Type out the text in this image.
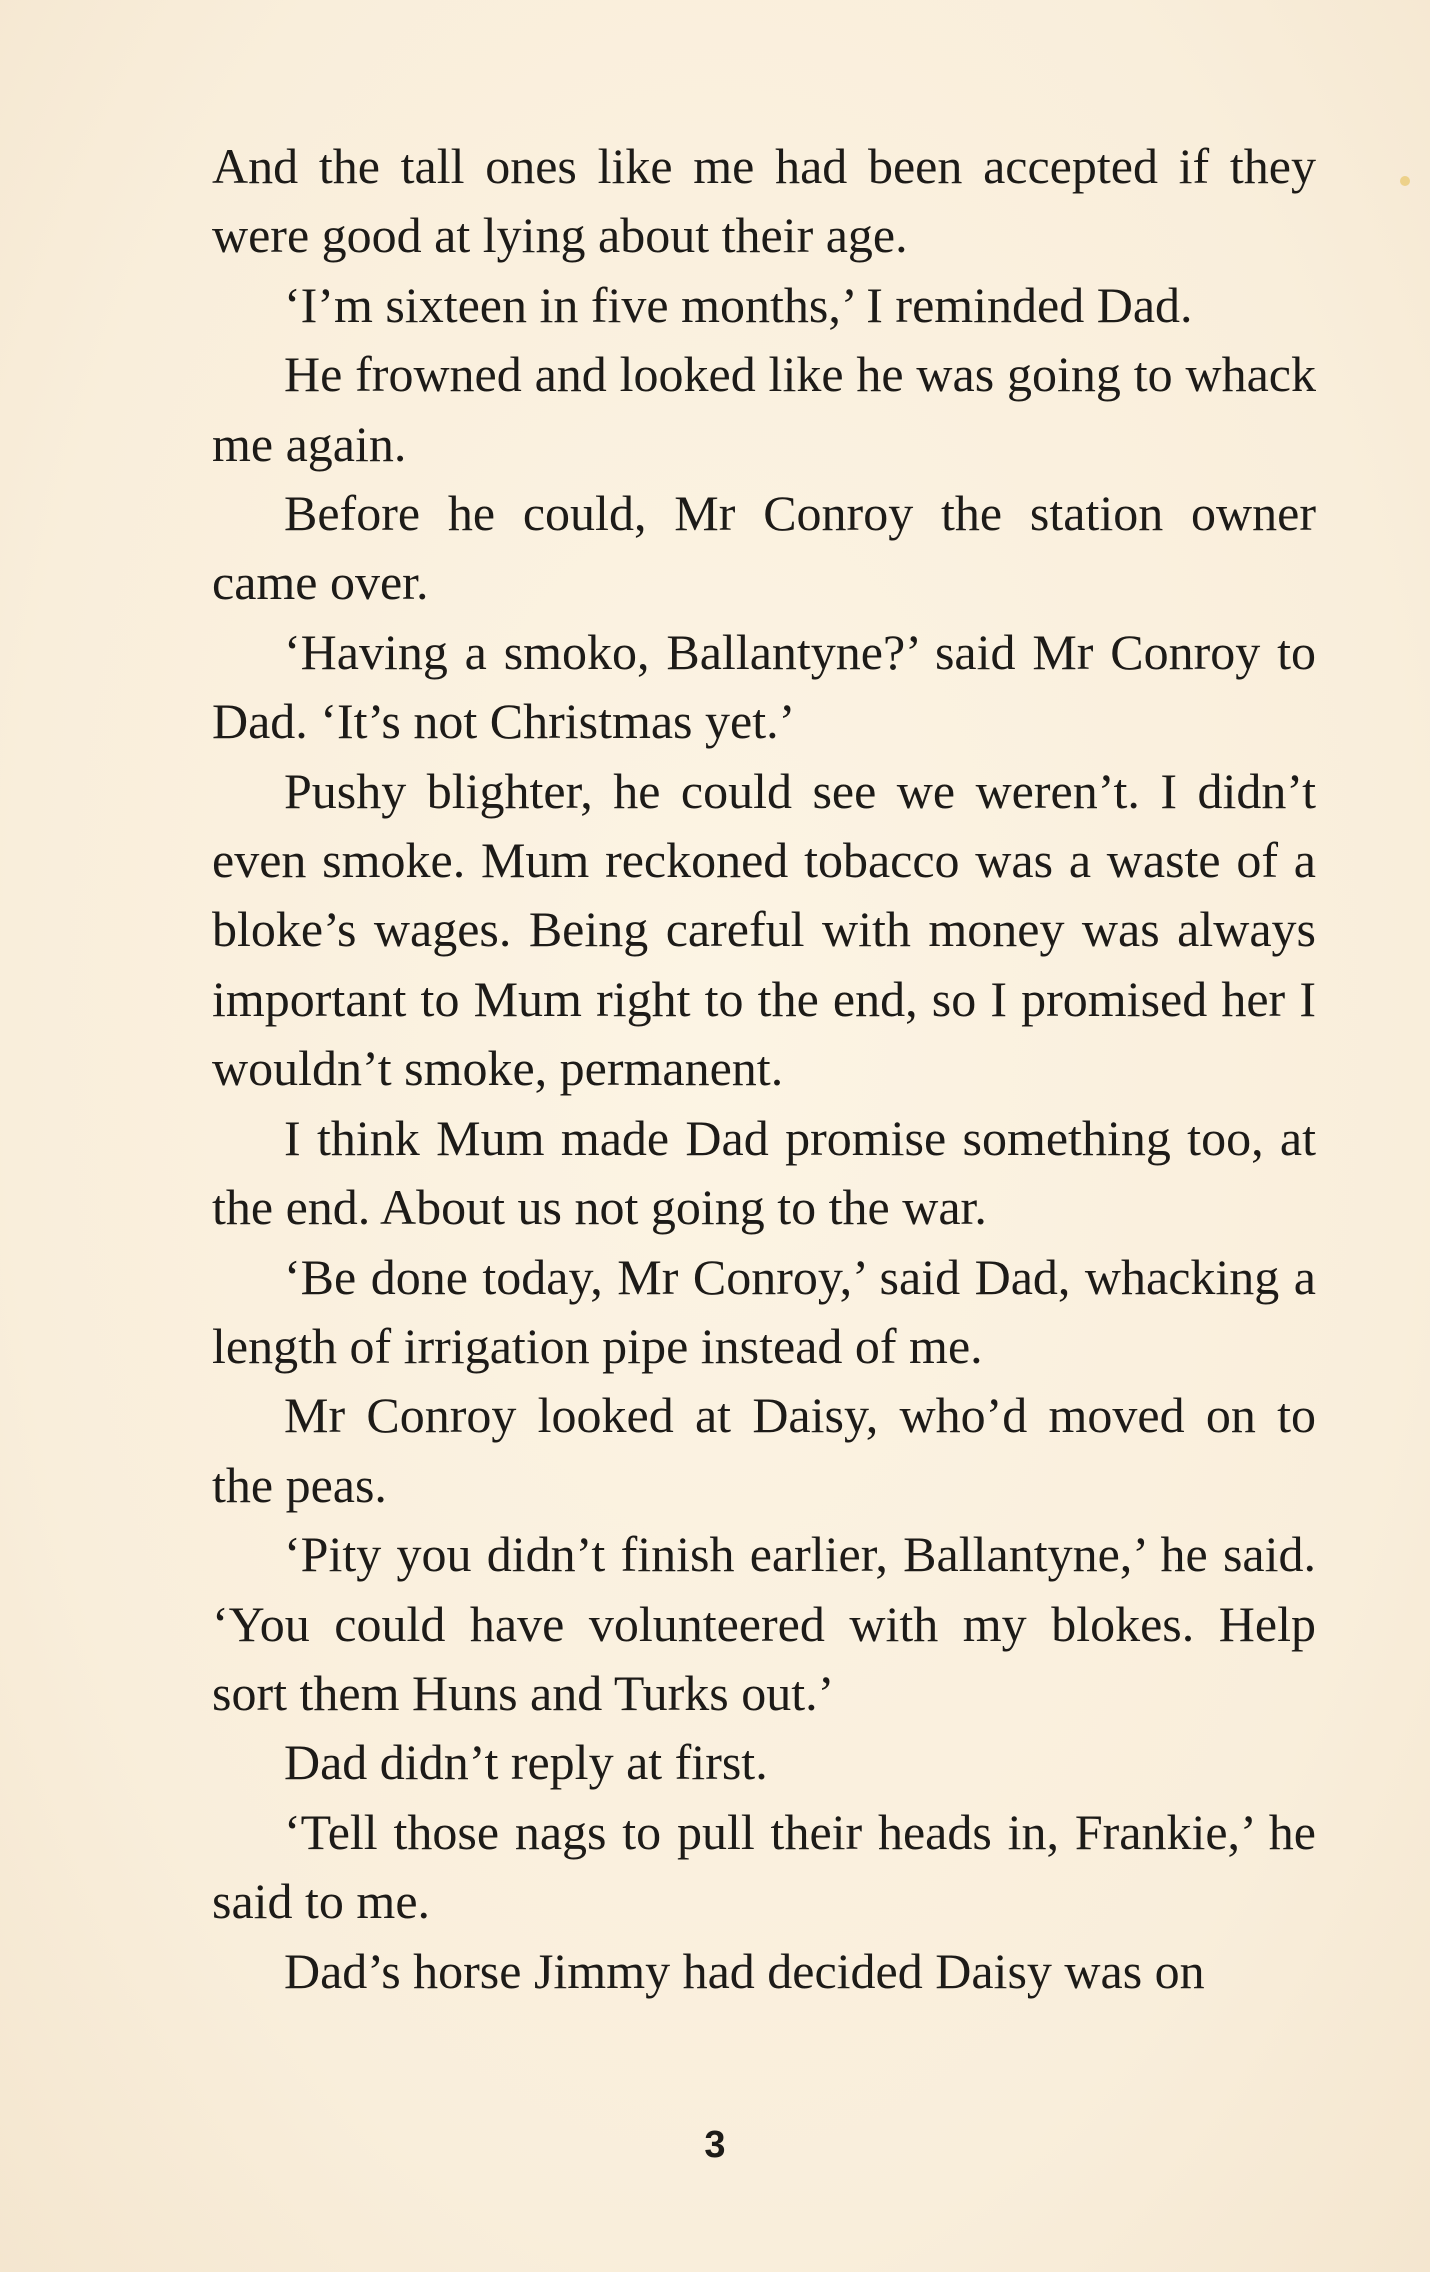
And the tall ones like me had been accepted if they were good at lying about their age.

‘I’m sixteen in five months,’ I reminded Dad.

He frowned and looked like he was going to whack me again.

Before he could, Mr Conroy the station owner came over.

‘Having a smoko, Ballantyne?’ said Mr Conroy to Dad. ‘It’s not Christmas yet.’

Pushy blighter, he could see we weren’t. I didn’t even smoke. Mum reckoned tobacco was a waste of a bloke’s wages. Being careful with money was always important to Mum right to the end, so I promised her I wouldn’t smoke, permanent.

I think Mum made Dad promise something too, at the end. About us not going to the war.

‘Be done today, Mr Conroy,’ said Dad, whacking a length of irrigation pipe instead of me.

Mr Conroy looked at Daisy, who’d moved on to the peas.

‘Pity you didn’t finish earlier, Ballantyne,’ he said. ‘You could have volunteered with my blokes. Help sort them Huns and Turks out.’

Dad didn’t reply at first.

‘Tell those nags to pull their heads in, Frankie,’ he said to me.

Dad’s horse Jimmy had decided Daisy was on

3
